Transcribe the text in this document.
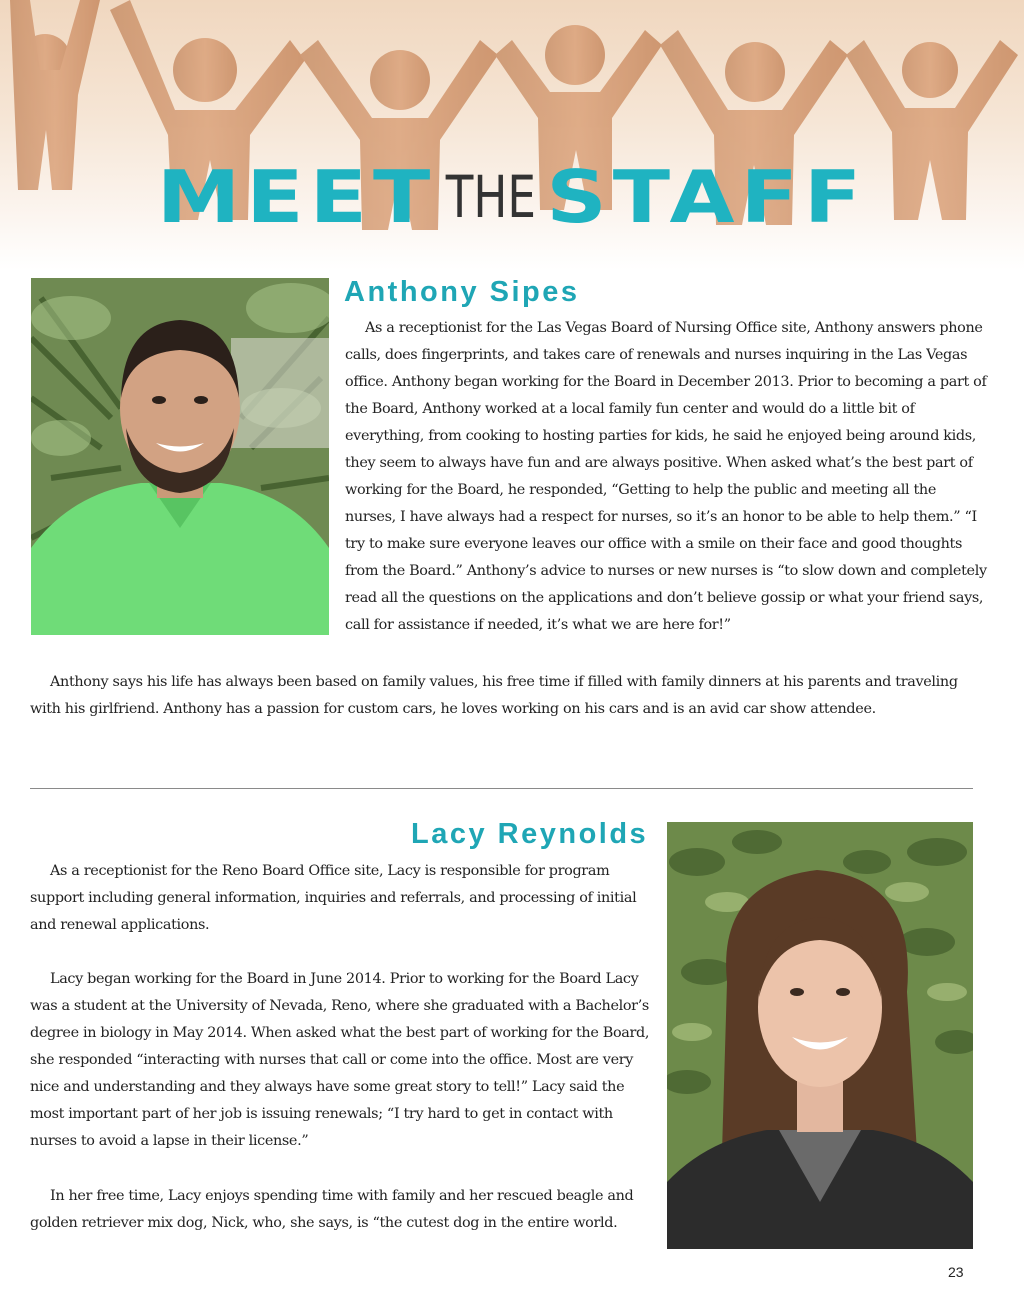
MEET THE STAFF
Anthony Sipes

As a receptionist for the Las Vegas Board of Nursing Office site, Anthony answers phone calls, does fingerprints, and takes care of renewals and nurses inquiring in the Las Vegas office. Anthony began working for the Board in December 2013. Prior to becoming a part of the Board, Anthony worked at a local family fun center and would do a little bit of everything, from cooking to hosting parties for kids, he said he enjoyed being around kids, they seem to always have fun and are always positive. When asked what’s the best part of working for the Board, he responded, “Getting to help the public and meeting all the nurses, I have always had a respect for nurses, so it’s an honor to be able to help them.” “I try to make sure everyone leaves our office with a smile on their face and good thoughts from the Board.” Anthony’s advice to nurses or new nurses is “to slow down and completely read all the questions on the applications and don’t believe gossip or what your friend says, call for assistance if needed, it’s what we are here for!”

Anthony says his life has always been based on family values, his free time if filled with family dinners at his parents and traveling with his girlfriend. Anthony has a passion for custom cars, he loves working on his cars and is an avid car show attendee.

Lacy Reynolds

As a receptionist for the Reno Board Office site, Lacy is responsible for program support including general information, inquiries and referrals, and processing of initial and renewal applications.

Lacy began working for the Board in June 2014. Prior to working for the Board Lacy was a student at the University of Nevada, Reno, where she graduated with a Bachelor’s degree in biology in May 2014. When asked what the best part of working for the Board, she responded “interacting with nurses that call or come into the office. Most are very nice and understanding and they always have some great story to tell!” Lacy said the most important part of her job is issuing renewals; “I try hard to get in contact with nurses to avoid a lapse in their license.”

In her free time, Lacy enjoys spending time with family and her rescued beagle and golden retriever mix dog, Nick, who, she says, is “the cutest dog in the entire world.

23
